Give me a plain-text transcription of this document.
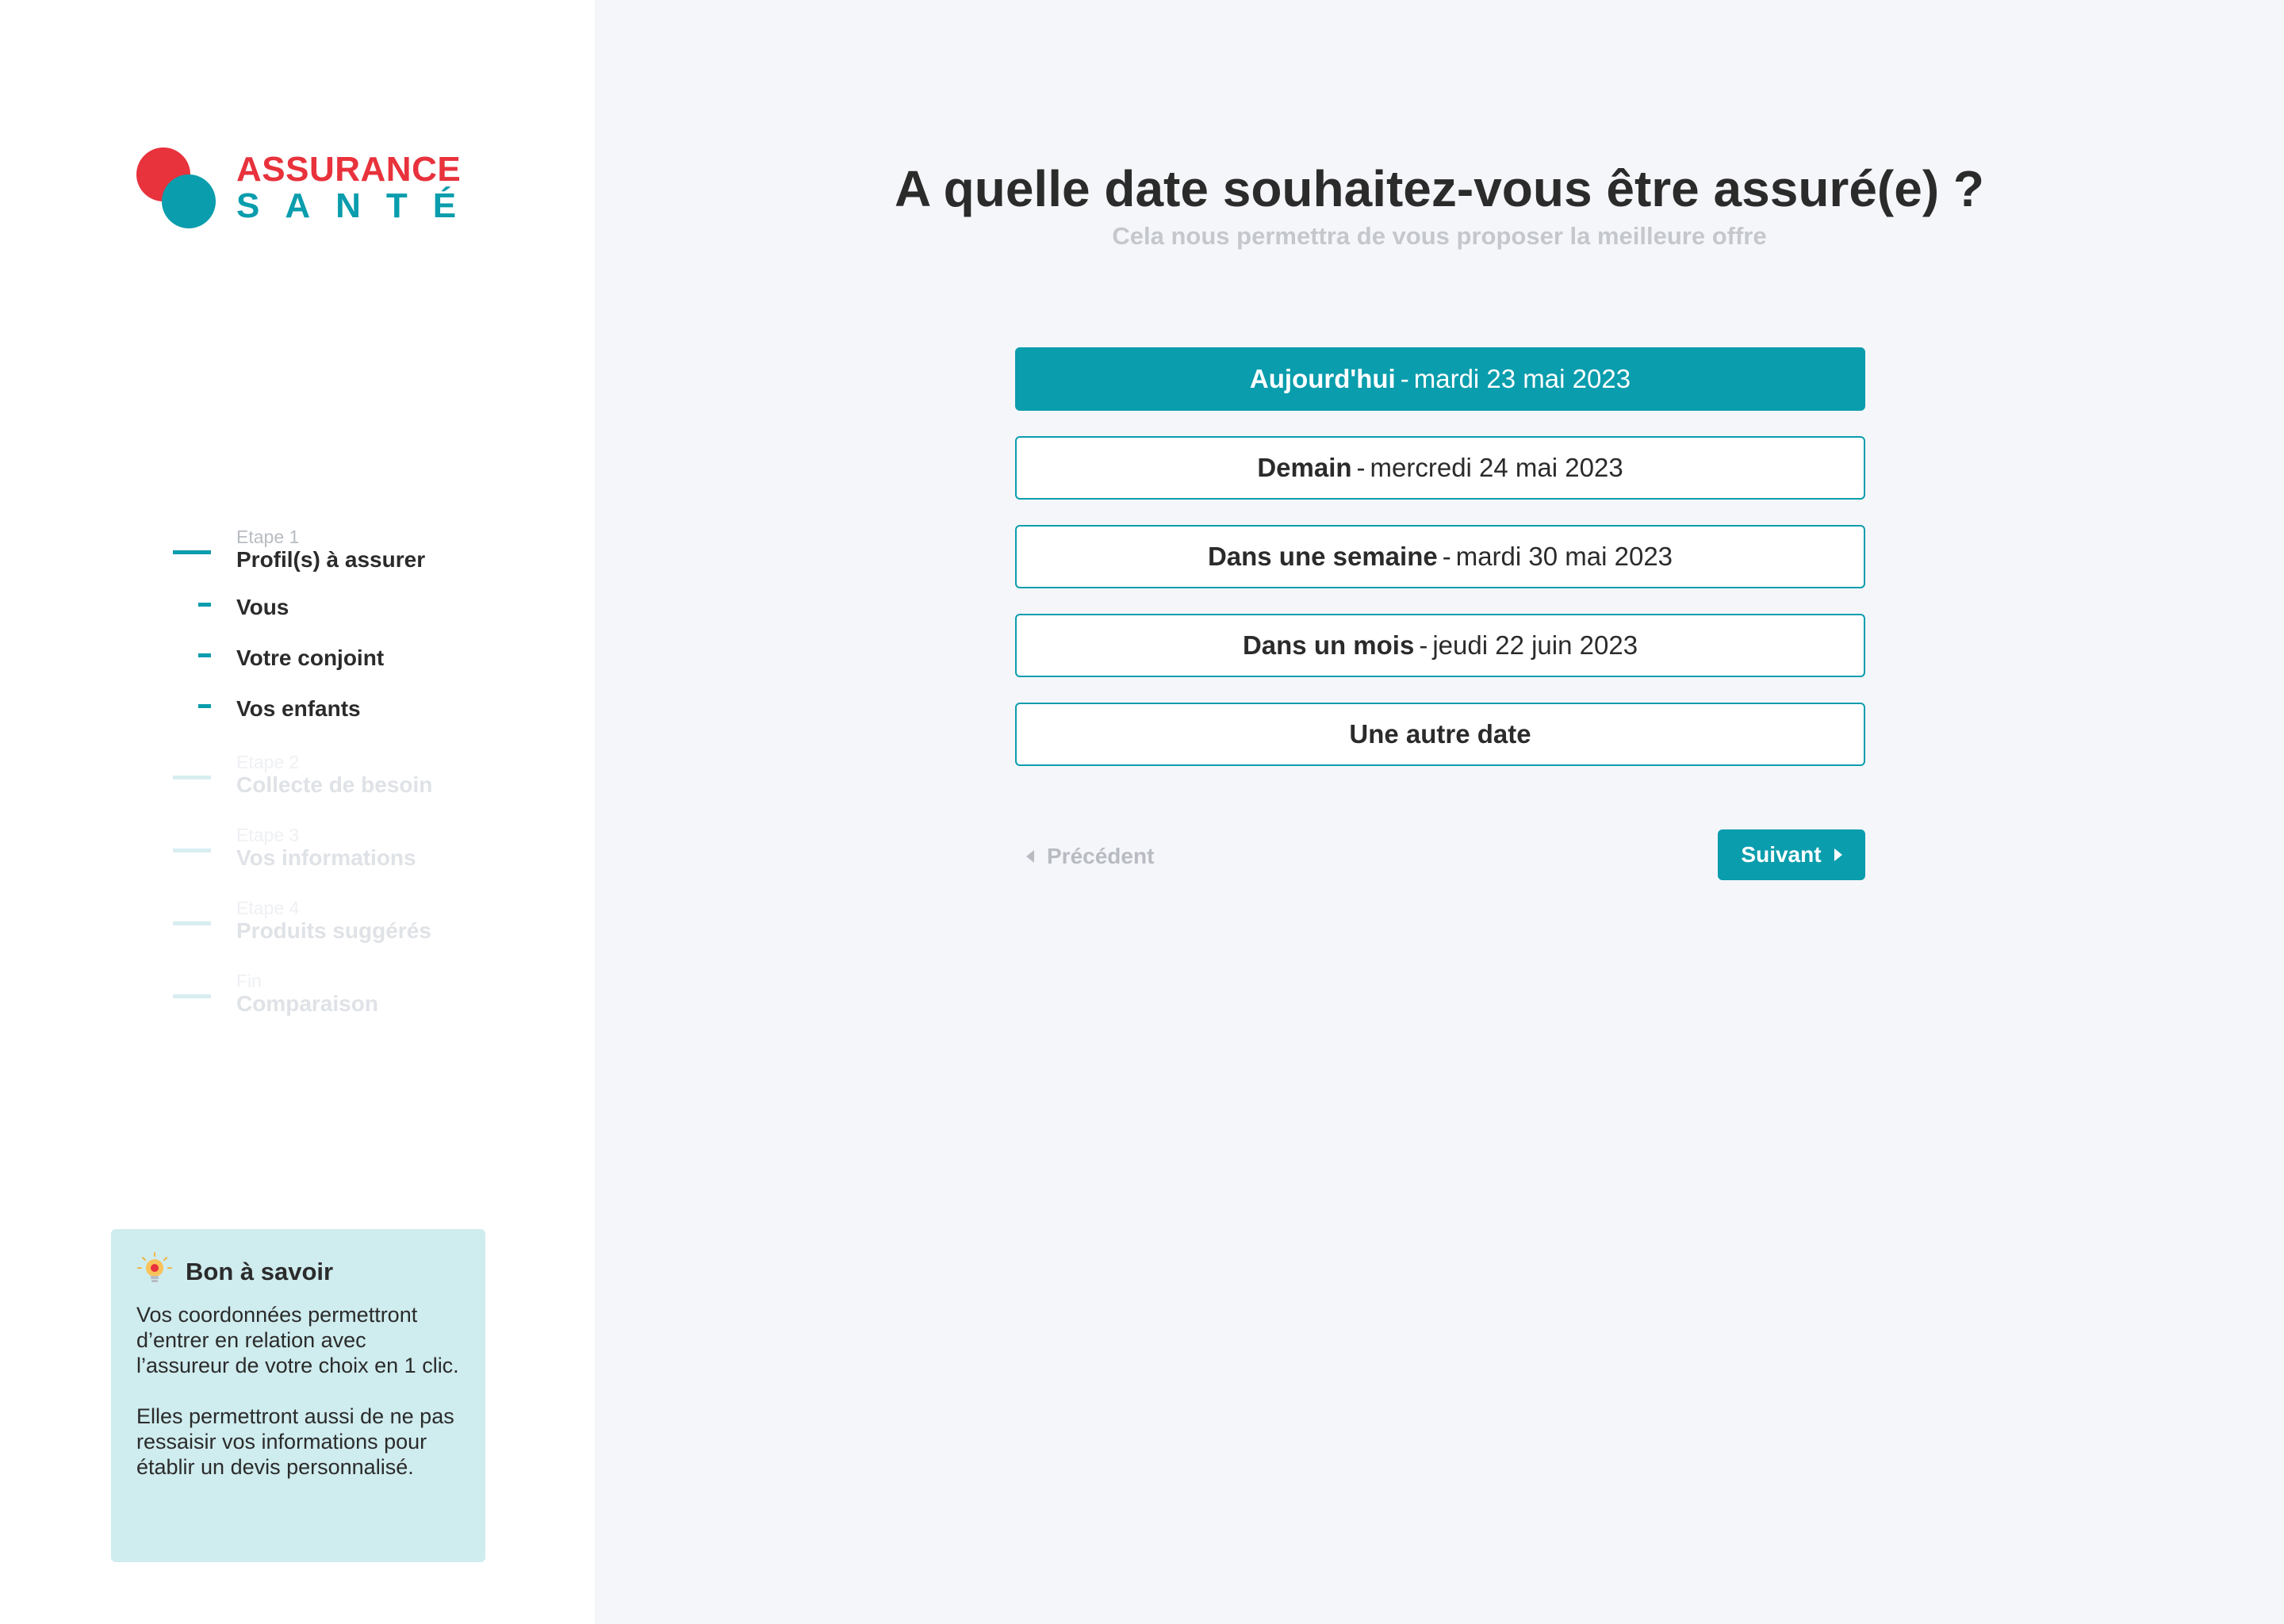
ASSURANCE
SANTÉ
Etape 1
Profil(s) à assurer
Vous
Votre conjoint
Vos enfants
Etape 2
Collecte de besoin
Etape 3
Vos informations
Etape 4
Produits suggérés
Fin
Comparaison
Bon à savoir

Vos coordonnées permettront d’entrer en relation avec l’assureur de votre choix en 1 clic.

Elles permettront aussi de ne pas ressaisir vos informations pour établir un devis personnalisé.

A quelle date souhaitez-vous être assuré(e) ?
Cela nous permettra de vous proposer la meilleure offre
Aujourd'hui - mardi 23 mai 2023
Demain - mercredi 24 mai 2023
Dans une semaine - mardi 30 mai 2023
Dans un mois - jeudi 22 juin 2023
Une autre date
Précédent	Suivant
